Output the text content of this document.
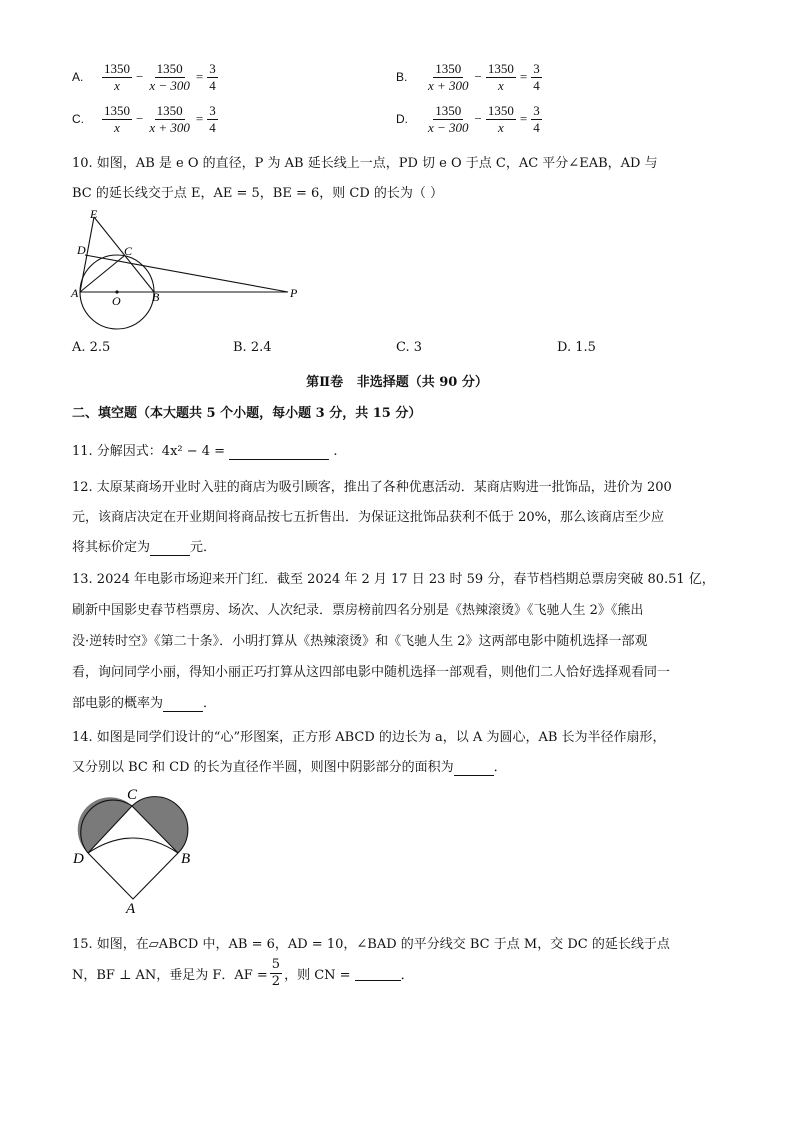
A.	$\frac{1350}{x} - \frac{1350}{x - 300} = \frac{3}{4}$	B.	$\frac{1350}{x + 300} - \frac{1350}{x} = \frac{3}{4}$
C.	$\frac{1350}{x} - \frac{1350}{x + 300} = \frac{3}{4}$	D.	$\frac{1350}{x - 300} - \frac{1350}{x} = \frac{3}{4}$
10. 如图，AB 是 e O 的直径，P 为 AB 延长线上一点，PD 切 e O 于点 C，AC 平分∠EAB，AD 与
BC 的延长线交于点 E，AE = 5，BE = 6，则 CD 的长为（ ）
E
D	C
A
O	B	P
A. 2.5	B. 2.4	C. 3	D. 1.5
第Ⅱ卷   非选择题（共 90 分）
二、填空题（本大题共 5 个小题，每小题 3 分，共 15 分）
11. 分解因式：4x² − 4 =	.
12. 太原某商场开业时入驻的商店为吸引顾客，推出了各种优惠活动．某商店购进一批饰品，进价为 200
元，该商店决定在开业期间将商品按七五折售出．为保证这批饰品获利不低于 20%，那么该商店至少应
将其标价定为	元．
13. 2024 年电影市场迎来开门红．截至 2024 年 2 月 17 日 23 时 59 分，春节档档期总票房突破 80.51 亿，
刷新中国影史春节档票房、场次、人次纪录．票房榜前四名分别是《热辣滚烫》《飞驰人生 2》《熊出
没·逆转时空》《第二十条》．小明打算从《热辣滚烫》和《飞驰人生 2》这两部电影中随机选择一部观
看，询问同学小丽，得知小丽正巧打算从这四部电影中随机选择一部观看，则他们二人恰好选择观看同一
部电影的概率为	．
14. 如图是同学们设计的“心”形图案，正方形 ABCD 的边长为 a，以 A 为圆心，AB 长为半径作扇形，
又分别以 BC 和 CD 的长为直径作半圆，则图中阴影部分的面积为	．
C
D	B
A
15. 如图，在▱ABCD 中，AB = 6，AD = 10，∠BAD 的平分线交 BC 于点 M，交 DC 的延长线于点
N，BF ⊥ AN，垂足为 F．AF = $\frac{5}{2}$ ，则 CN =
	．
